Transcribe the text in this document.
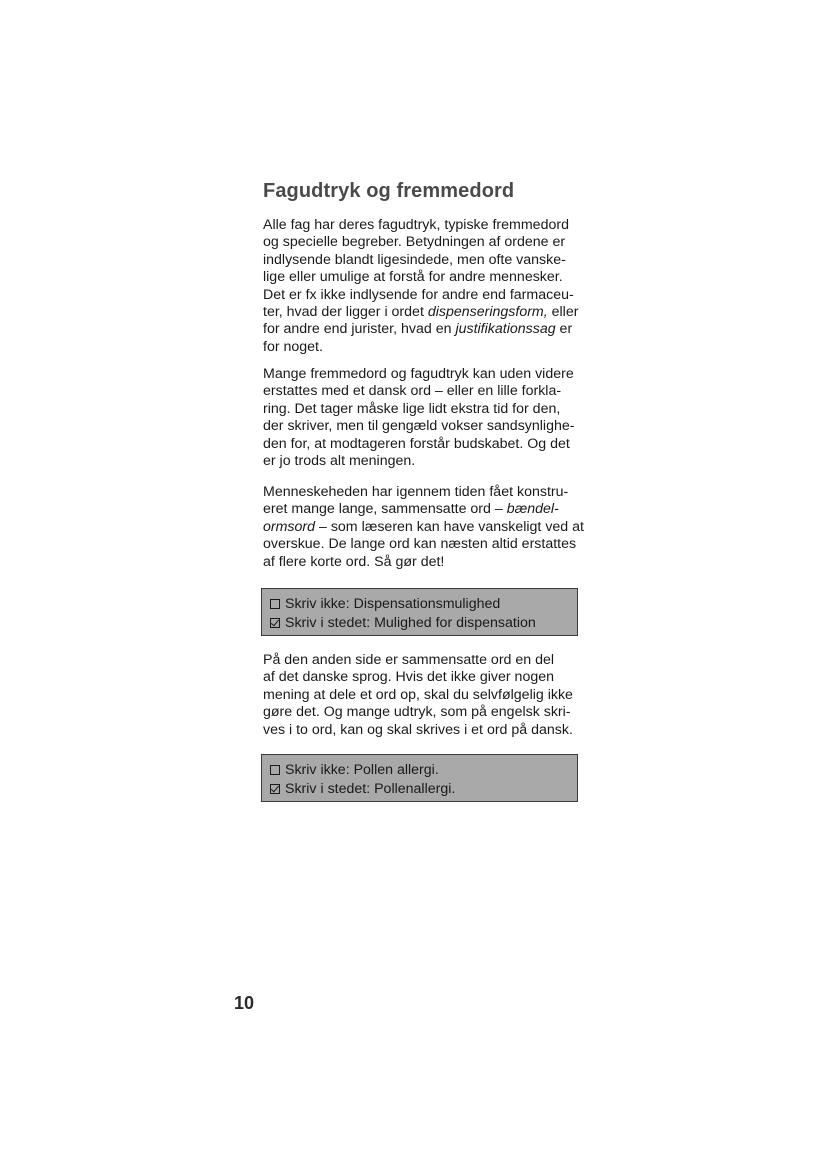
Fagudtryk og fremmedord

Alle fag har deres fagudtryk, typiske fremmedord
og specielle begreber. Betydningen af ordene er
indlysende blandt ligesindede, men ofte vanske-
lige eller umulige at forstå for andre mennesker.
Det er fx ikke indlysende for andre end farmaceu-
ter, hvad der ligger i ordet dispenseringsform, eller
for andre end jurister, hvad en justifikationssag er
for noget.

Mange fremmedord og fagudtryk kan uden videre
erstattes med et dansk ord – eller en lille forkla-
ring. Det tager måske lige lidt ekstra tid for den,
der skriver, men til gengæld vokser sandsynlighe-
den for, at modtageren forstår budskabet. Og det
er jo trods alt meningen.

Menneskeheden har igennem tiden fået konstru-
eret mange lange, sammensatte ord – bændel-
ormsord – som læseren kan have vanskeligt ved at
overskue. De lange ord kan næsten altid erstattes
af flere korte ord. Så gør det!

Skriv ikke: Dispensationsmulighed
Skriv i stedet: Mulighed for dispensation

På den anden side er sammensatte ord en del
af det danske sprog. Hvis det ikke giver nogen
mening at dele et ord op, skal du selvfølgelig ikke
gøre det. Og mange udtryk, som på engelsk skri-
ves i to ord, kan og skal skrives i et ord på dansk.

Skriv ikke: Pollen allergi.
Skriv i stedet: Pollenallergi.

10
